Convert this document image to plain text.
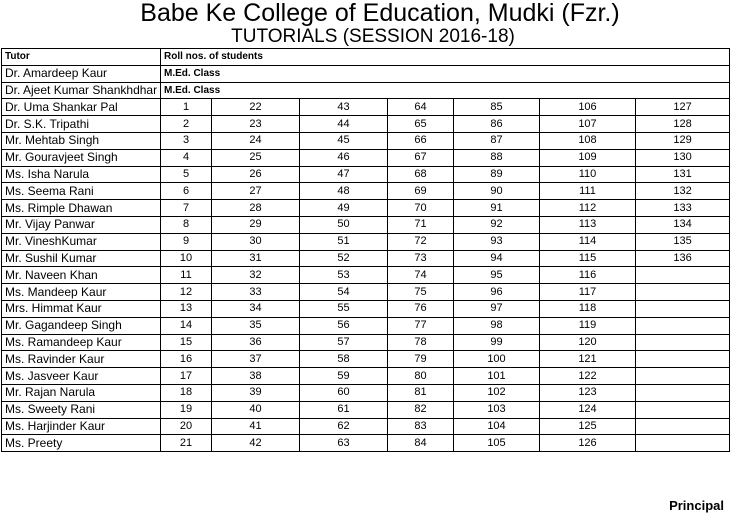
Babe Ke College of Education, Mudki (Fzr.)
TUTORIALS (SESSION 2016-18)
Tutor	Roll nos. of students						
Dr. Amardeep Kaur	M.Ed. Class						
Dr. Ajeet Kumar Shankhdhar	M.Ed. Class						
Dr. Uma Shankar Pal	1	22	43	64	85	106	127
Dr. S.K. Tripathi	2	23	44	65	86	107	128
Mr. Mehtab Singh	3	24	45	66	87	108	129
Mr. Gouravjeet Singh	4	25	46	67	88	109	130
Ms. Isha Narula	5	26	47	68	89	110	131
Ms. Seema Rani	6	27	48	69	90	111	132
Ms. Rimple Dhawan	7	28	49	70	91	112	133
Mr. Vijay Panwar	8	29	50	71	92	113	134
Mr. VineshKumar	9	30	51	72	93	114	135
Mr. Sushil Kumar	10	31	52	73	94	115	136
Mr. Naveen Khan	11	32	53	74	95	116	
Ms. Mandeep Kaur	12	33	54	75	96	117	
Mrs. Himmat Kaur	13	34	55	76	97	118	
Mr. Gagandeep Singh	14	35	56	77	98	119	
Ms. Ramandeep Kaur	15	36	57	78	99	120	
Ms. Ravinder Kaur	16	37	58	79	100	121	
Ms. Jasveer Kaur	17	38	59	80	101	122	
Mr. Rajan Narula	18	39	60	81	102	123	
Ms. Sweety Rani	19	40	61	82	103	124	
Ms. Harjinder Kaur	20	41	62	83	104	125	
Ms. Preety	21	42	63	84	105	126	
Principal
